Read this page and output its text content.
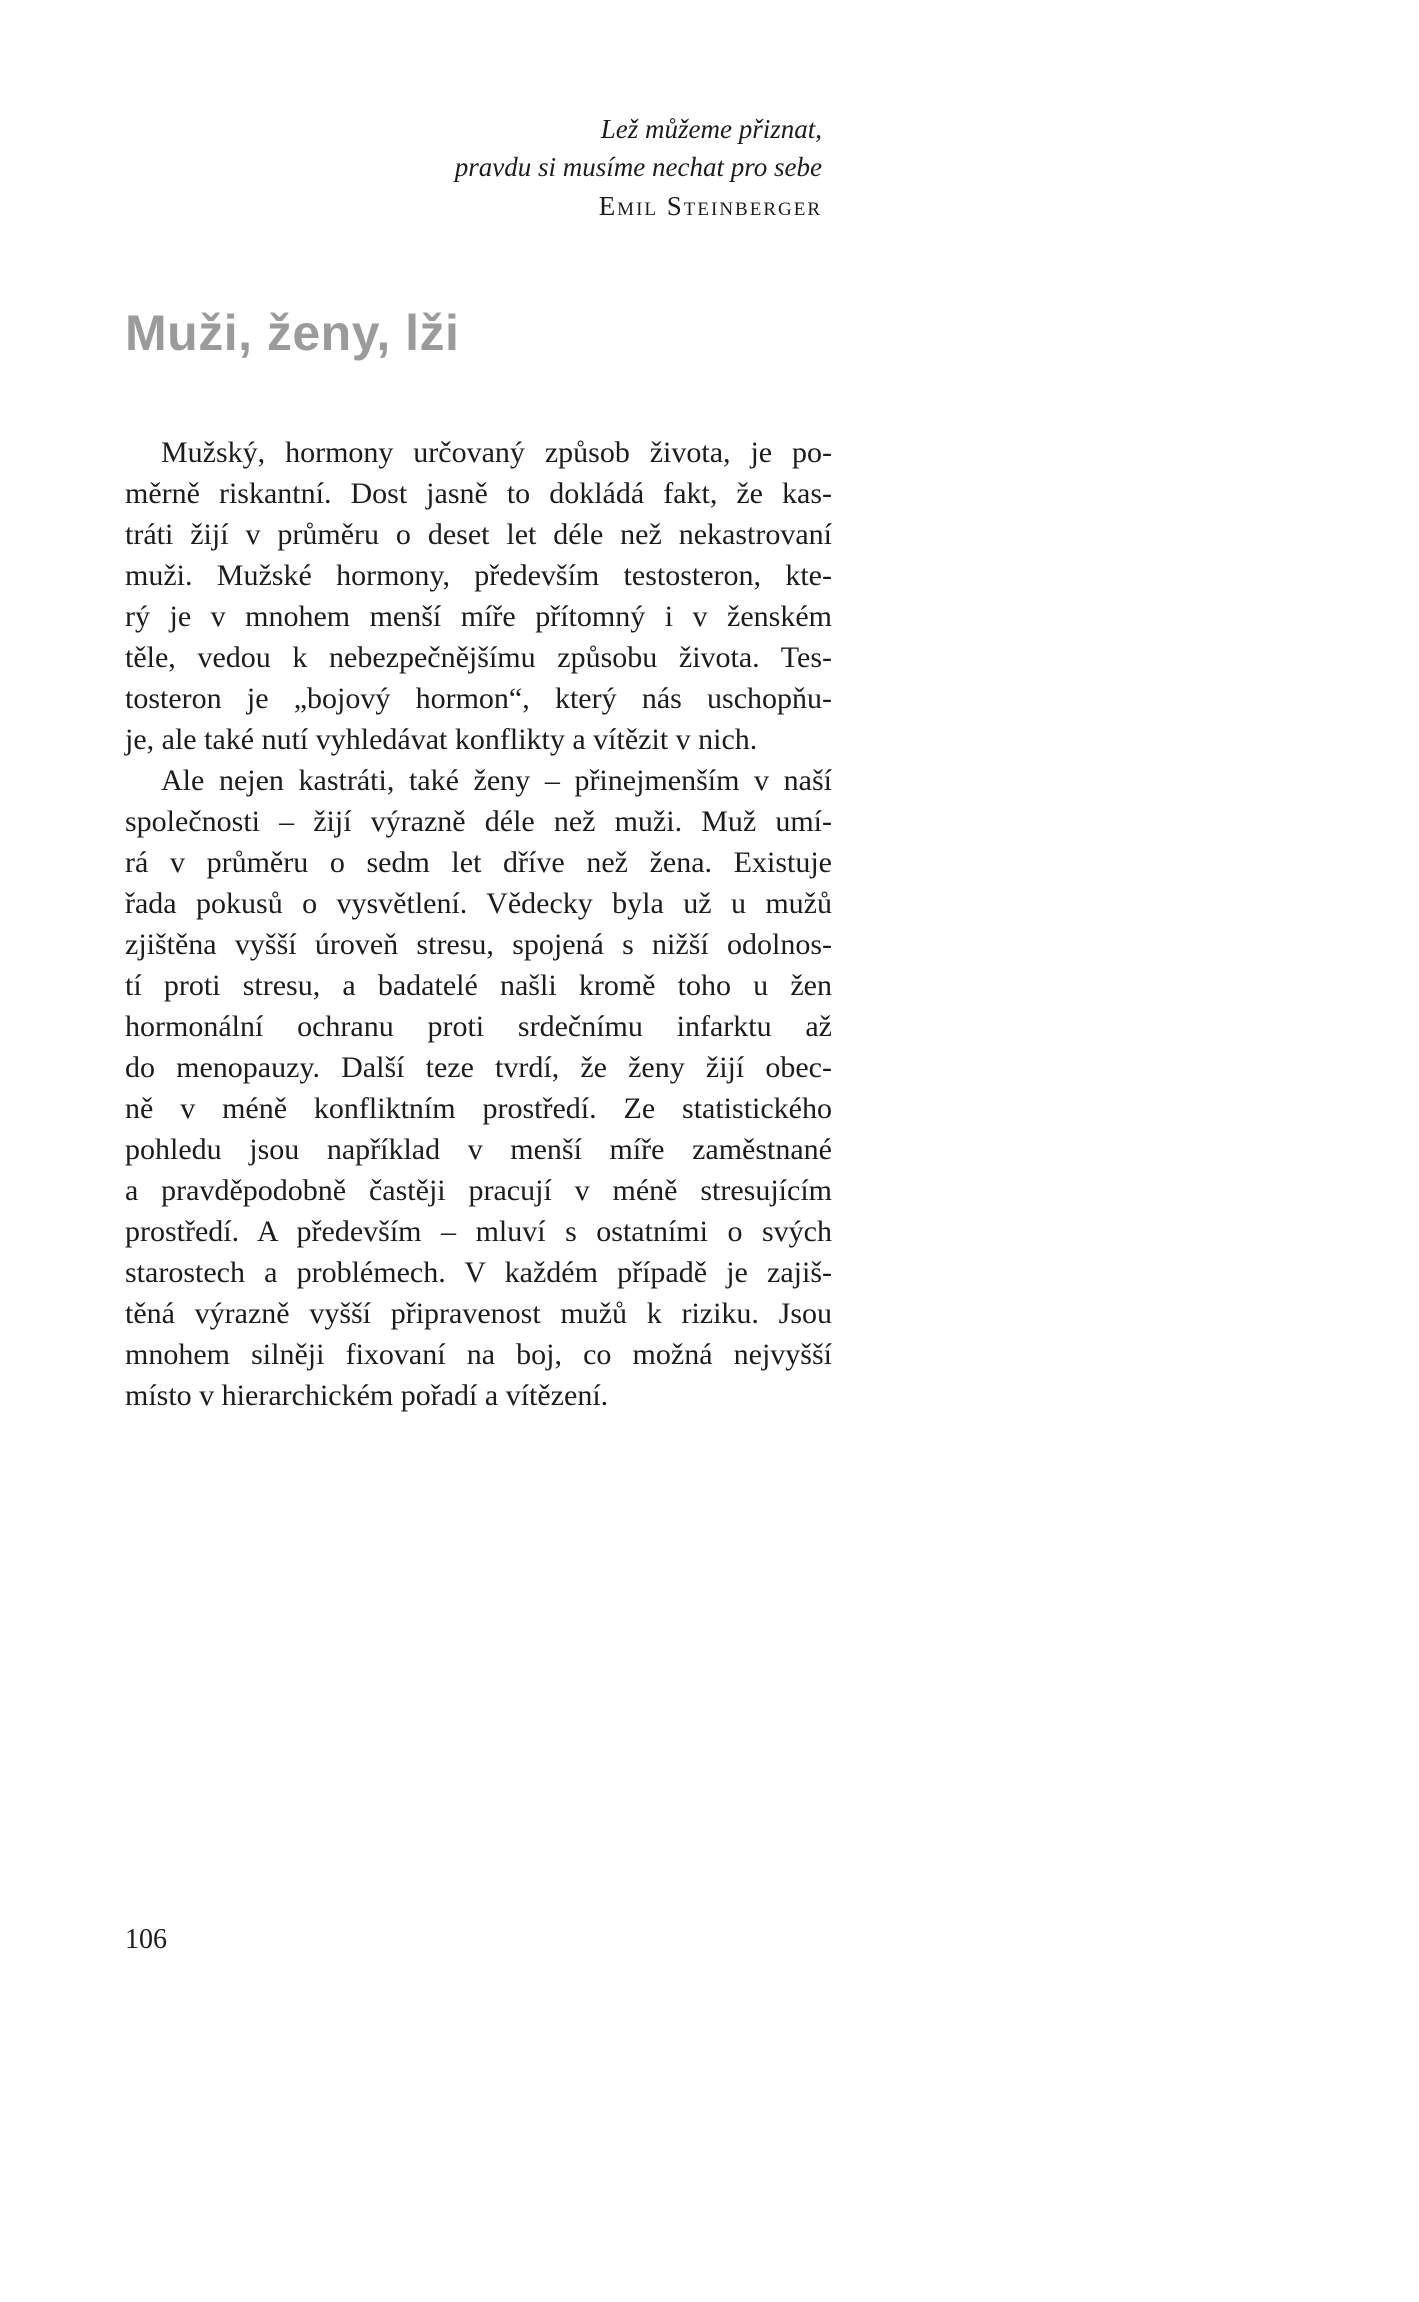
Lež můžeme přiznat,
pravdu si musíme nechat pro sebe
Emil Steinberger
Muži, ženy, lži
Mužský, hormony určovaný způsob života, je po-
měrně riskantní. Dost jasně to dokládá fakt, že kas-
tráti žijí v průměru o deset let déle než nekastrovaní
muži. Mužské hormony, především testosteron, kte-
rý je v mnohem menší míře přítomný i v ženském
těle, vedou k nebezpečnějšímu způsobu života. Tes-
tosteron je „bojový hormon“, který nás uschopňu-
je, ale také nutí vyhledávat konflikty a vítězit v nich.
Ale nejen kastráti, také ženy – přinejmenším v naší
společnosti – žijí výrazně déle než muži. Muž umí-
rá v průměru o sedm let dříve než žena. Existuje
řada pokusů o vysvětlení. Vědecky byla už u mužů
zjištěna vyšší úroveň stresu, spojená s nižší odolnos-
tí proti stresu, a badatelé našli kromě toho u žen
hormonální ochranu proti srdečnímu infarktu až
do menopauzy. Další teze tvrdí, že ženy žijí obec-
ně v méně konfliktním prostředí. Ze statistického
pohledu jsou například v menší míře zaměstnané
a pravděpodobně častěji pracují v méně stresujícím
prostředí. A především – mluví s ostatními o svých
starostech a problémech. V každém případě je zajiš-
těná výrazně vyšší připravenost mužů k riziku. Jsou
mnohem silněji fixovaní na boj, co možná nejvyšší
místo v hierarchickém pořadí a vítězení.
106
